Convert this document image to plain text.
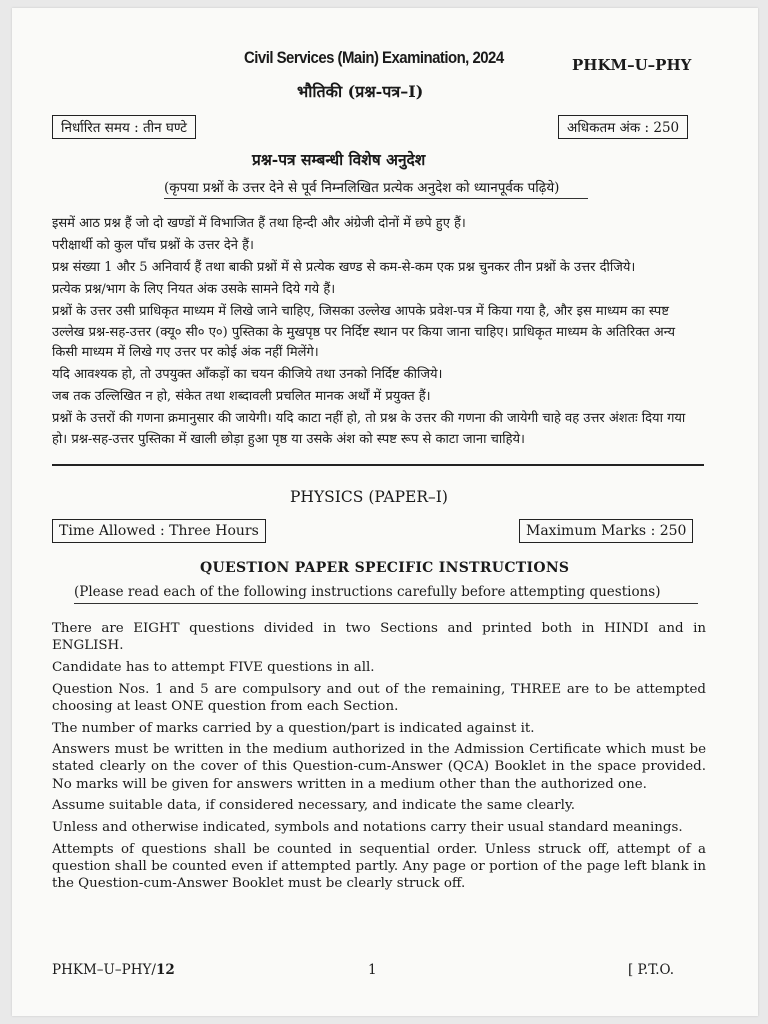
Civil Services (Main) Examination, 2024	PHKM–U–PHY
भौतिकी (प्रश्न-पत्र–I)
निर्धारित समय : तीन घण्टे	अधिकतम अंक : 250
प्रश्न-पत्र सम्बन्धी विशेष अनुदेश
(कृपया प्रश्नों के उत्तर देने से पूर्व निम्नलिखित प्रत्येक अनुदेश को ध्यानपूर्वक पढ़िये)

इसमें आठ प्रश्न हैं जो दो खण्डों में विभाजित हैं तथा हिन्दी और अंग्रेजी दोनों में छपे हुए हैं।

परीक्षार्थी को कुल पाँच प्रश्नों के उत्तर देने हैं।

प्रश्न संख्या 1 और 5 अनिवार्य हैं तथा बाकी प्रश्नों में से प्रत्येक खण्ड से कम-से-कम एक प्रश्न चुनकर तीन प्रश्नों के उत्तर दीजिये।

प्रत्येक प्रश्न/भाग के लिए नियत अंक उसके सामने दिये गये हैं।

प्रश्नों के उत्तर उसी प्राधिकृत माध्यम में लिखे जाने चाहिए, जिसका उल्लेख आपके प्रवेश-पत्र में किया गया है, और इस माध्यम का स्पष्ट उल्लेख प्रश्न-सह-उत्तर (क्यू० सी० ए०) पुस्तिका के मुखपृष्ठ पर निर्दिष्ट स्थान पर किया जाना चाहिए। प्राधिकृत माध्यम के अतिरिक्त अन्य किसी माध्यम में लिखे गए उत्तर पर कोई अंक नहीं मिलेंगे।

यदि आवश्यक हो, तो उपयुक्त आँकड़ों का चयन कीजिये तथा उनको निर्दिष्ट कीजिये।

जब तक उल्लिखित न हो, संकेत तथा शब्दावली प्रचलित मानक अर्थों में प्रयुक्त हैं।

प्रश्नों के उत्तरों की गणना क्रमानुसार की जायेगी। यदि काटा नहीं हो, तो प्रश्न के उत्तर की गणना की जायेगी चाहे वह उत्तर अंशतः दिया गया हो। प्रश्न-सह-उत्तर पुस्तिका में खाली छोड़ा हुआ पृष्ठ या उसके अंश को स्पष्ट रूप से काटा जाना चाहिये।

PHYSICS (PAPER–I)
Time Allowed : Three Hours	Maximum Marks : 250
QUESTION PAPER SPECIFIC INSTRUCTIONS
(Please read each of the following instructions carefully before attempting questions)

There are EIGHT questions divided in two Sections and printed both in HINDI and in ENGLISH.

Candidate has to attempt FIVE questions in all.

Question Nos. 1 and 5 are compulsory and out of the remaining, THREE are to be attempted choosing at least ONE question from each Section.

The number of marks carried by a question/part is indicated against it.

Answers must be written in the medium authorized in the Admission Certificate which must be stated clearly on the cover of this Question-cum-Answer (QCA) Booklet in the space provided. No marks will be given for answers written in a medium other than the authorized one.

Assume suitable data, if considered necessary, and indicate the same clearly.

Unless and otherwise indicated, symbols and notations carry their usual standard meanings.

Attempts of questions shall be counted in sequential order. Unless struck off, attempt of a question shall be counted even if attempted partly. Any page or portion of the page left blank in the Question-cum-Answer Booklet must be clearly struck off.

PHKM–U–PHY/12	1	[ P.T.O.
